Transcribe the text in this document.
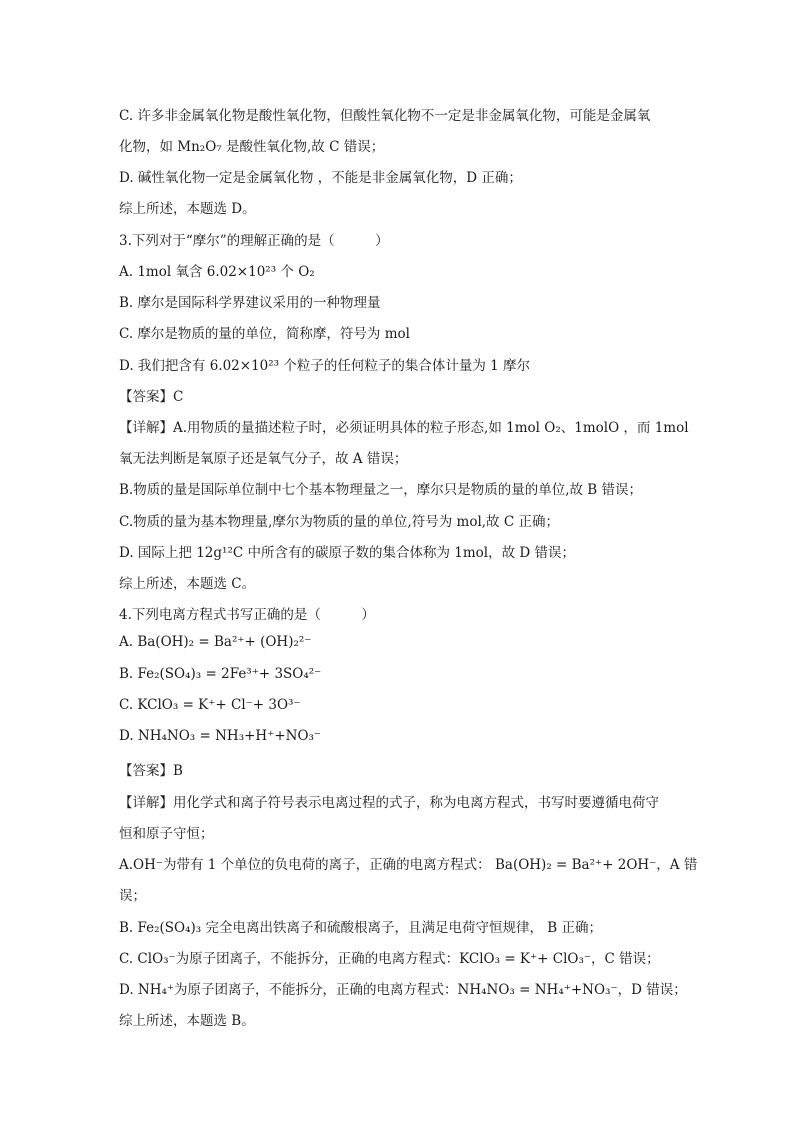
C. 许多非金属氧化物是酸性氧化物，但酸性氧化物不一定是非金属氧化物，可能是金属氧
化物，如 Mn₂O₇ 是酸性氧化物,故 C 错误；
D. 碱性氧化物一定是金属氧化物 ，不能是非金属氧化物，D 正确；
综上所述，本题选 D。
3.下列对于“摩尔”的理解正确的是（　　　）
A. 1mol 氧含 6.02×10²³ 个 O₂
B. 摩尔是国际科学界建议采用的一种物理量
C. 摩尔是物质的量的单位，简称摩，符号为 mol
D. 我们把含有 6.02×10²³ 个粒子的任何粒子的集合体计量为 1 摩尔
【答案】C
【详解】A.用物质的量描述粒子时，必须证明具体的粒子形态,如 1mol O₂、1molO ，而 1mol
氧无法判断是氧原子还是氧气分子，故 A 错误；
B.物质的量是国际单位制中七个基本物理量之一，摩尔只是物质的量的单位,故 B 错误；
C.物质的量为基本物理量,摩尔为物质的量的单位,符号为 mol,故 C 正确；
D. 国际上把 12g¹²C 中所含有的碳原子数的集合体称为 1mol，故 D 错误；
综上所述，本题选 C。
4.下列电离方程式书写正确的是（　　　）
A. Ba(OH)₂ = Ba²⁺+ (OH)₂²⁻
B. Fe₂(SO₄)₃ = 2Fe³⁺+ 3SO₄²⁻
C. KClO₃ = K⁺+ Cl⁻+ 3O³⁻
D. NH₄NO₃ = NH₃+H⁺+NO₃⁻
【答案】B
【详解】用化学式和离子符号表示电离过程的式子，称为电离方程式，书写时要遵循电荷守
恒和原子守恒；
A.OH⁻为带有 1 个单位的负电荷的离子，正确的电离方程式： Ba(OH)₂ = Ba²⁺+ 2OH⁻，A 错
误；
B. Fe₂(SO₄)₃ 完全电离出铁离子和硫酸根离子，且满足电荷守恒规律， B 正确；
C. ClO₃⁻为原子团离子，不能拆分，正确的电离方程式：KClO₃ = K⁺+ ClO₃⁻，C 错误；
D. NH₄⁺为原子团离子，不能拆分，正确的电离方程式：NH₄NO₃ = NH₄⁺+NO₃⁻，D 错误；
综上所述，本题选 B。
